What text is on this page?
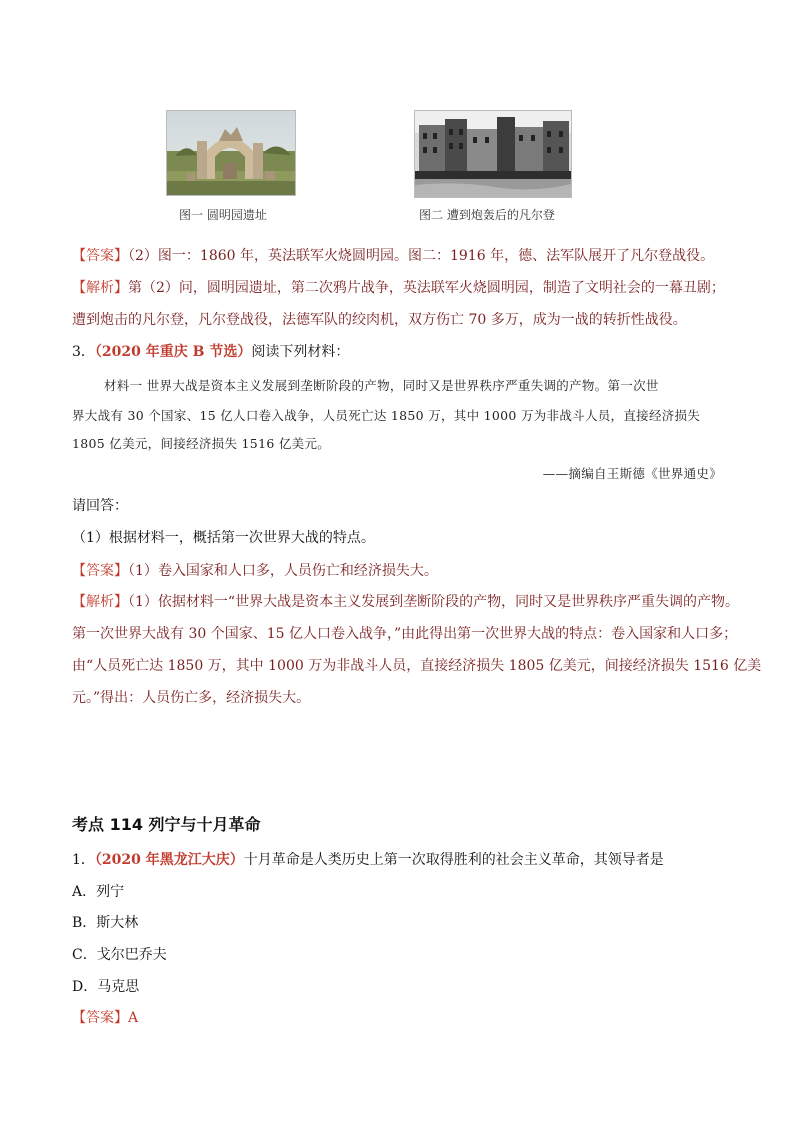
图一 圆明园遗址	图二 遭到炮轰后的凡尔登
【答案】（2）图一：1860 年，英法联军火烧圆明园。图二：1916 年，德、法军队展开了凡尔登战役。
【解析】第（2）问，圆明园遗址，第二次鸦片战争，英法联军火烧圆明园，制造了文明社会的一幕丑剧；
遭到炮击的凡尔登，凡尔登战役，法德军队的绞肉机，双方伤亡 70 多万，成为一战的转折性战役。
3．（2020 年重庆 B 节选）阅读下列材料：
材料一 世界大战是资本主义发展到垄断阶段的产物，同时又是世界秩序严重失调的产物。第一次世
界大战有 30 个国家、15 亿人口卷入战争，人员死亡达 1850 万，其中 1000 万为非战斗人员，直接经济损失
1805 亿美元，间接经济损失 1516 亿美元。
——摘编自王斯德《世界通史》
请回答：
（1）根据材料一，概括第一次世界大战的特点。
【答案】（1）卷入国家和人口多，人员伤亡和经济损失大。
【解析】（1）依据材料一“世界大战是资本主义发展到垄断阶段的产物，同时又是世界秩序严重失调的产物。
第一次世界大战有 30 个国家、15 亿人口卷入战争，”由此得出第一次世界大战的特点：卷入国家和人口多；
由“人员死亡达 1850 万，其中 1000 万为非战斗人员，直接经济损失 1805 亿美元，间接经济损失 1516 亿美
元。”得出：人员伤亡多，经济损失大。
考点 114 列宁与十月革命
1．（2020 年黑龙江大庆）十月革命是人类历史上第一次取得胜利的社会主义革命，其领导者是
A．列宁
B．斯大林
C．戈尔巴乔夫
D．马克思
【答案】A
